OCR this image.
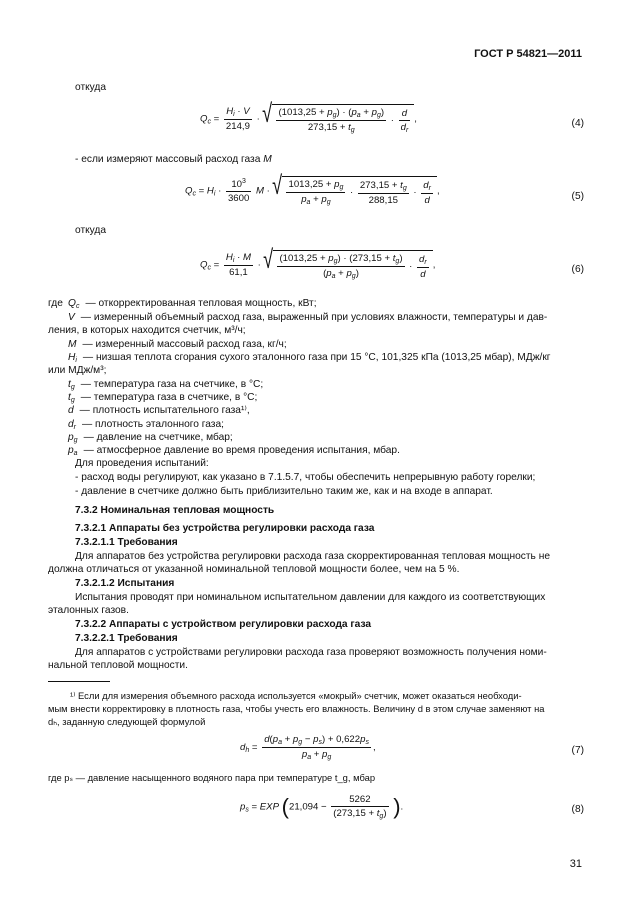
ГОСТ Р 54821—2011
откуда
$Q_c = \frac{H_i \cdot V}{214,9}$ · √ $\frac{(1013,25 + p_g) \cdot (p_a + p_g)}{273,15 + t_g} \cdot \frac{d}{d_r}$ ,	(4)
- если измеряют массовый расход газа M
$Q_c = H_i \cdot \frac{10^3}{3600}$ M · √ $\frac{1013,25 + p_g}{p_a + p_g} \cdot \frac{273,15 + t_g}{288,15} \cdot \frac{d_r}{d}$ ,	(5)
откуда
$Q_c = \frac{H_i \cdot M}{61,1}$ · √ $\frac{(1013,25 + p_g) \cdot (273,15 + t_g)}{(p_a + p_g)} \cdot \frac{d_r}{d}$ ,	(6)
где $Q_c$ — откорректированная тепловая мощность, кВт;
V — измеренный объемный расход газа, выраженный при условиях влажности, температуры и дав-
ления, в которых находится счетчик, м³/ч;
M — измеренный массовый расход газа, кг/ч;
$H_i$ — низшая теплота сгорания сухого эталонного газа при 15 °C, 101,325 кПа (1013,25 мбар), МДж/кг
или МДж/м³;
$t_g$ — температура газа на счетчике, в °C;
$t_g$ — температура газа в счетчике, в °C;
d — плотность испытательного газа¹⁾,
$d_r$ — плотность эталонного газа;
$p_g$ — давление на счетчике, мбар;
$p_a$ — атмосферное давление во время проведения испытания, мбар.
Для проведения испытаний:
- расход воды регулируют, как указано в 7.1.5.7, чтобы обеспечить непрерывную работу горелки;
- давление в счетчике должно быть приблизительно таким же, как и на входе в аппарат.
7.3.2 Номинальная тепловая мощность
7.3.2.1 Аппараты без устройства регулировки расхода газа
7.3.2.1.1 Требования
Для аппаратов без устройства регулировки расхода газа скорректированная тепловая мощность не
должна отличаться от указанной номинальной тепловой мощности более, чем на 5 %.
7.3.2.1.2 Испытания
Испытания проводят при номинальном испытательном давлении для каждого из соответствующих
эталонных газов.
7.3.2.2 Аппараты с устройством регулировки расхода газа
7.3.2.2.1 Требования
Для аппаратов с устройствами регулировки расхода газа проверяют возможность получения номи-
нальной тепловой мощности.
¹⁾ Если для измерения объемного расхода используется «мокрый» счетчик, может оказаться необходи-
мым внести корректировку в плотность газа, чтобы учесть его влажность. Величину d в этом случае заменяют на
dₕ, заданную следующей формулой
$d_h = \frac{d(p_a + p_g - p_s) + 0,622p_s}{p_a + p_g}$ ,	(7)
где pₛ — давление насыщенного водяного пара при температуре t_g, мбар
$p_s$ = EXP ($21,094 - \frac{5262}{(273,15 + t_g)}$ ).	(8)
31
